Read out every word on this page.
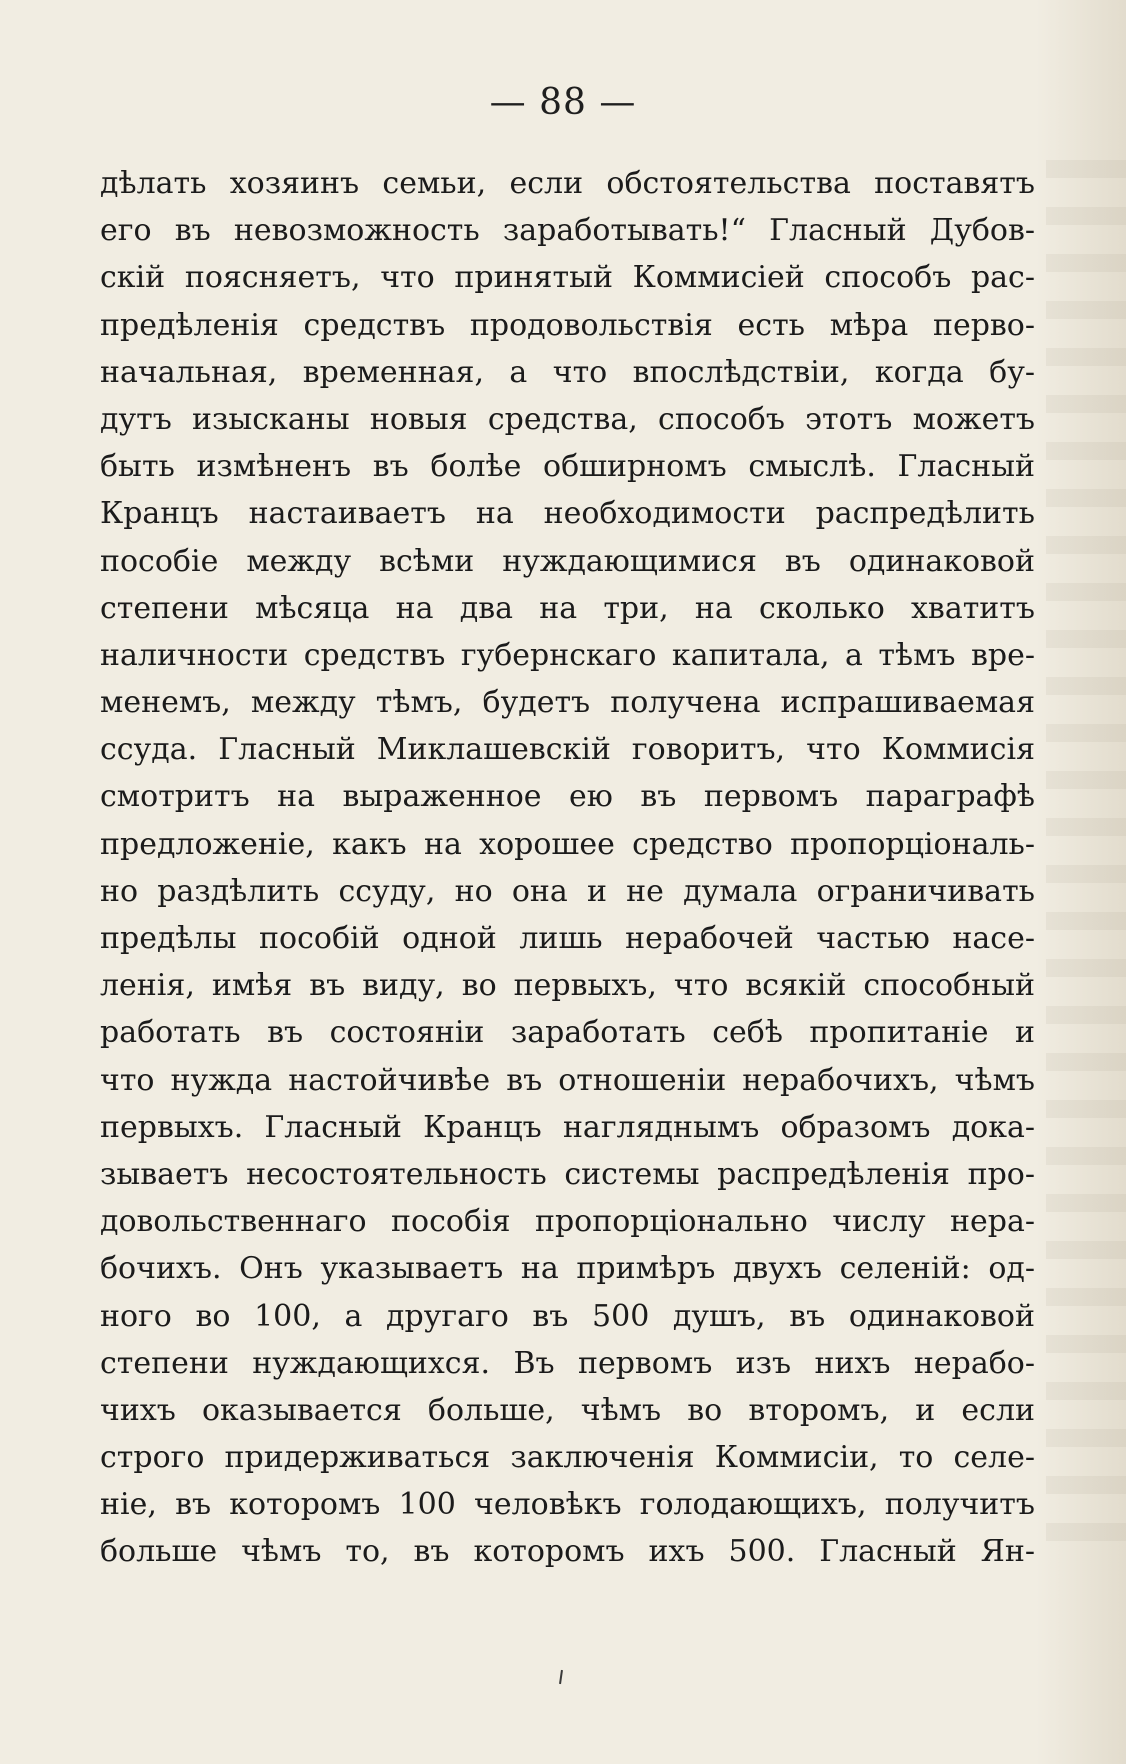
— 88 —
дѣлать хозяинъ семьи, если обстоятельства поставятъ
его въ невозможность заработывать!“ Гласный Дубов-
скій поясняетъ, что принятый Коммисіей способъ рас-
предѣленія средствъ продовольствія есть мѣра перво-
начальная, временная, а что впослѣдствіи, когда бу-
дутъ изысканы новыя средства, способъ этотъ можетъ
быть измѣненъ въ болѣе обширномъ смыслѣ. Гласный
Кранцъ настаиваетъ на необходимости распредѣлить
пособіе между всѣми нуждающимися въ одинаковой
степени мѣсяца на два на три, на сколько хватитъ
наличности средствъ губернскаго капитала, а тѣмъ вре-
менемъ, между тѣмъ, будетъ получена испрашиваемая
ссуда. Гласный Миклашевскій говоритъ, что Коммисія
смотритъ на выраженное ею въ первомъ параграфѣ
предложеніе, какъ на хорошее средство пропорціональ-
но раздѣлить ссуду, но она и не думала ограничивать
предѣлы пособій одной лишь нерабочей частью насе-
ленія, имѣя въ виду, во первыхъ, что всякій способный
работать въ состояніи заработать себѣ пропитаніе и
что нужда настойчивѣе въ отношеніи нерабочихъ, чѣмъ
первыхъ. Гласный Кранцъ нагляднымъ образомъ дока-
зываетъ несостоятельность системы распредѣленія про-
довольственнаго пособія пропорціонально числу нера-
бочихъ. Онъ указываетъ на примѣръ двухъ селеній: од-
ного во 100, а другаго въ 500 душъ, въ одинаковой
степени нуждающихся. Въ первомъ изъ нихъ нерабо-
чихъ оказывается больше, чѣмъ во второмъ, и если
строго придерживаться заключенія Коммисіи, то селе-
ніе, въ которомъ 100 человѣкъ голодающихъ, получитъ
больше чѣмъ то, въ которомъ ихъ 500. Гласный Ян-
